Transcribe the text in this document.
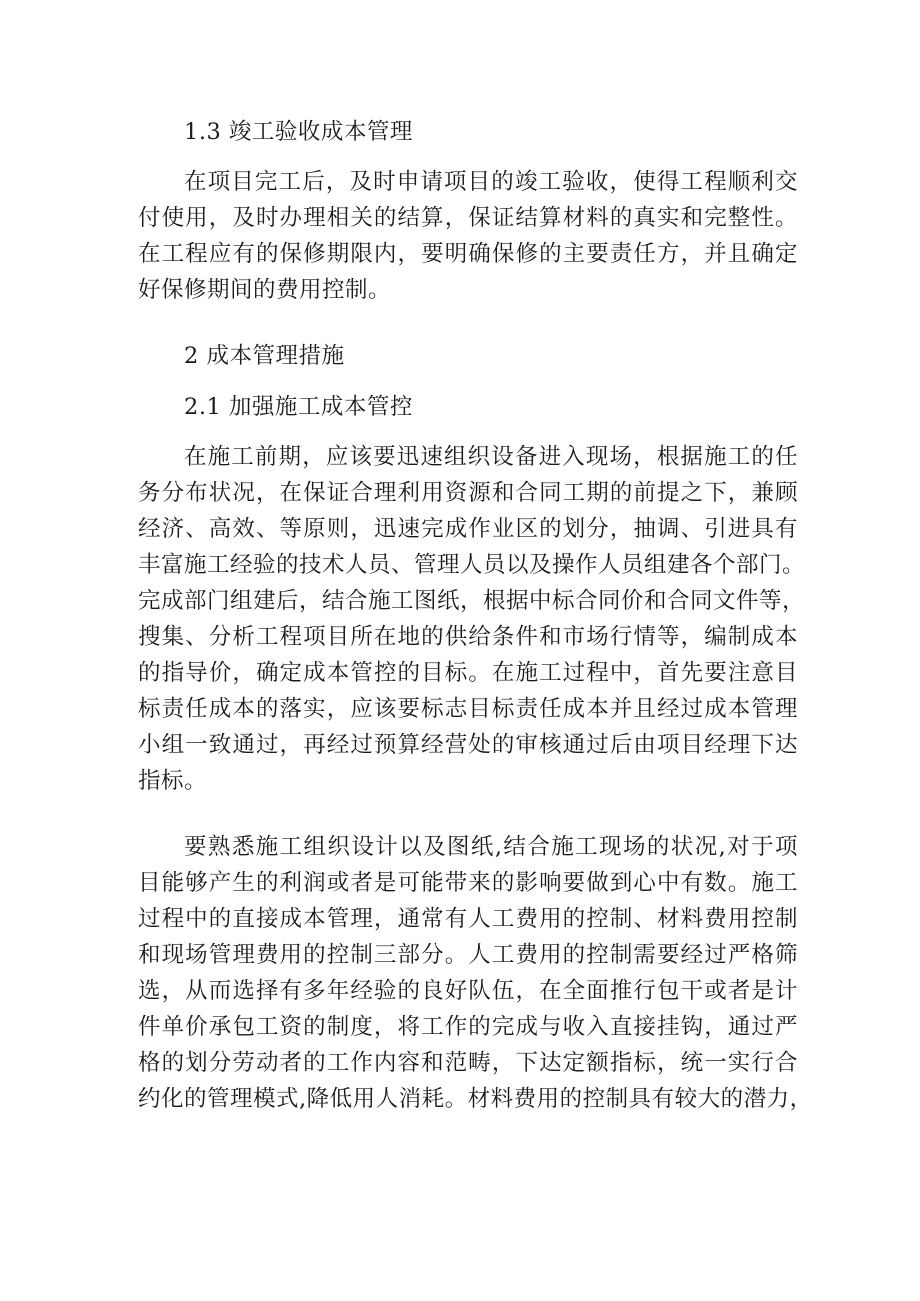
1.3 竣工验收成本管理
在项目完工后，及时申请项目的竣工验收，使得工程顺利交
付使用，及时办理相关的结算，保证结算材料的真实和完整性。
在工程应有的保修期限内，要明确保修的主要责任方，并且确定
好保修期间的费用控制。
2 成本管理措施
2.1 加强施工成本管控
在施工前期，应该要迅速组织设备进入现场，根据施工的任
务分布状况，在保证合理利用资源和合同工期的前提之下，兼顾
经济、高效、等原则，迅速完成作业区的划分，抽调、引进具有
丰富施工经验的技术人员、管理人员以及操作人员组建各个部门。
完成部门组建后，结合施工图纸，根据中标合同价和合同文件等，
搜集、分析工程项目所在地的供给条件和市场行情等，编制成本
的指导价，确定成本管控的目标。在施工过程中，首先要注意目
标责任成本的落实，应该要标志目标责任成本并且经过成本管理
小组一致通过，再经过预算经营处的审核通过后由项目经理下达
指标。
要熟悉施工组织设计以及图纸,结合施工现场的状况,对于项
目能够产生的利润或者是可能带来的影响要做到心中有数。施工
过程中的直接成本管理，通常有人工费用的控制、材料费用控制
和现场管理费用的控制三部分。人工费用的控制需要经过严格筛
选，从而选择有多年经验的良好队伍，在全面推行包干或者是计
件单价承包工资的制度，将工作的完成与收入直接挂钩，通过严
格的划分劳动者的工作内容和范畴，下达定额指标，统一实行合
约化的管理模式,降低用人消耗。材料费用的控制具有较大的潜力，
